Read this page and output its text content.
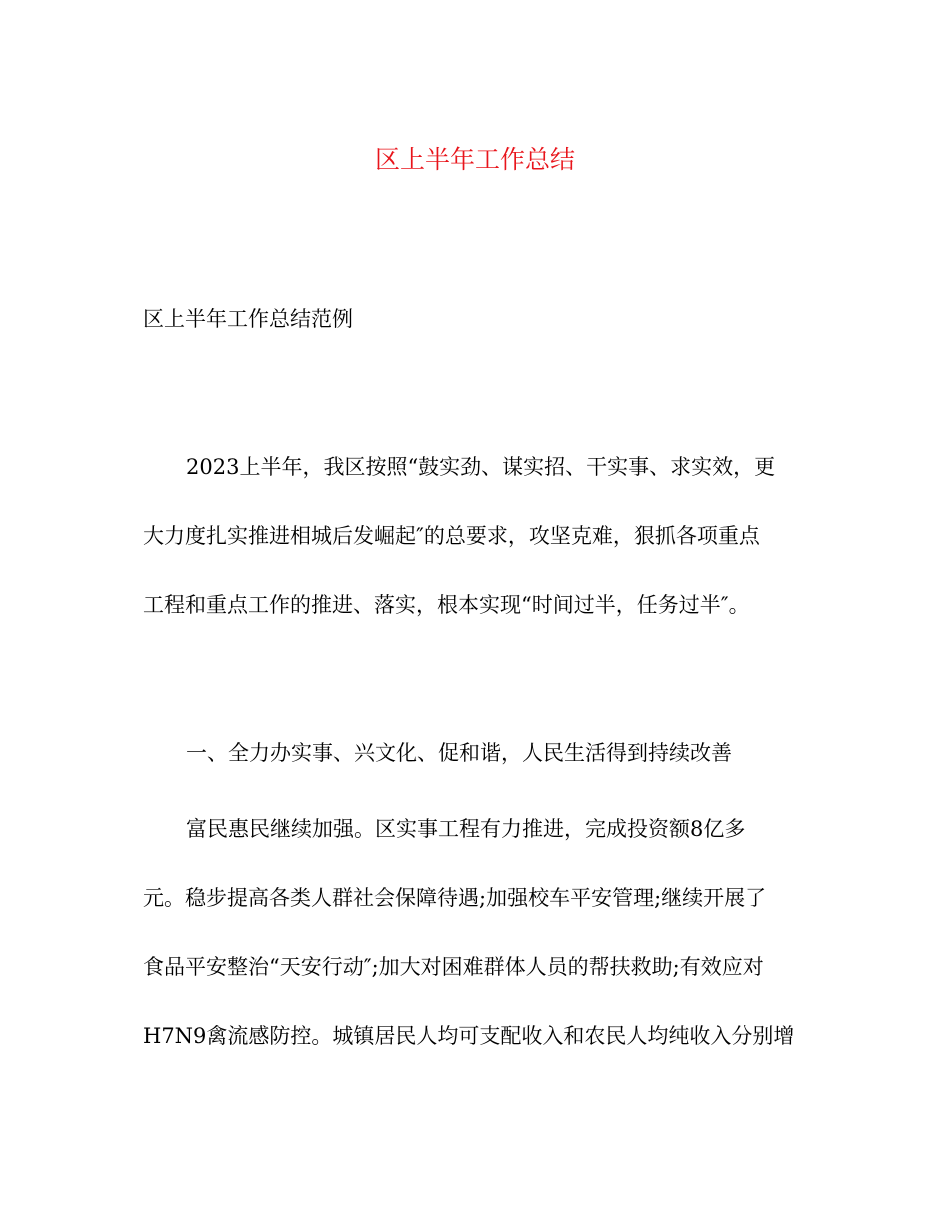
区上半年工作总结

区上半年工作总结范例

2023上半年，我区按照“鼓实劲、谋实招、干实事、求实效，更

大力度扎实推进相城后发崛起″的总要求，攻坚克难，狠抓各项重点

工程和重点工作的推进、落实，根本实现“时间过半，任务过半″。

一、全力办实事、兴文化、促和谐，人民生活得到持续改善

富民惠民继续加强。区实事工程有力推进，完成投资额8亿多

元。稳步提高各类人群社会保障待遇;加强校车平安管理;继续开展了

食品平安整治“天安行动″;加大对困难群体人员的帮扶救助;有效应对

H7N9禽流感防控。城镇居民人均可支配收入和农民人均纯收入分别增
